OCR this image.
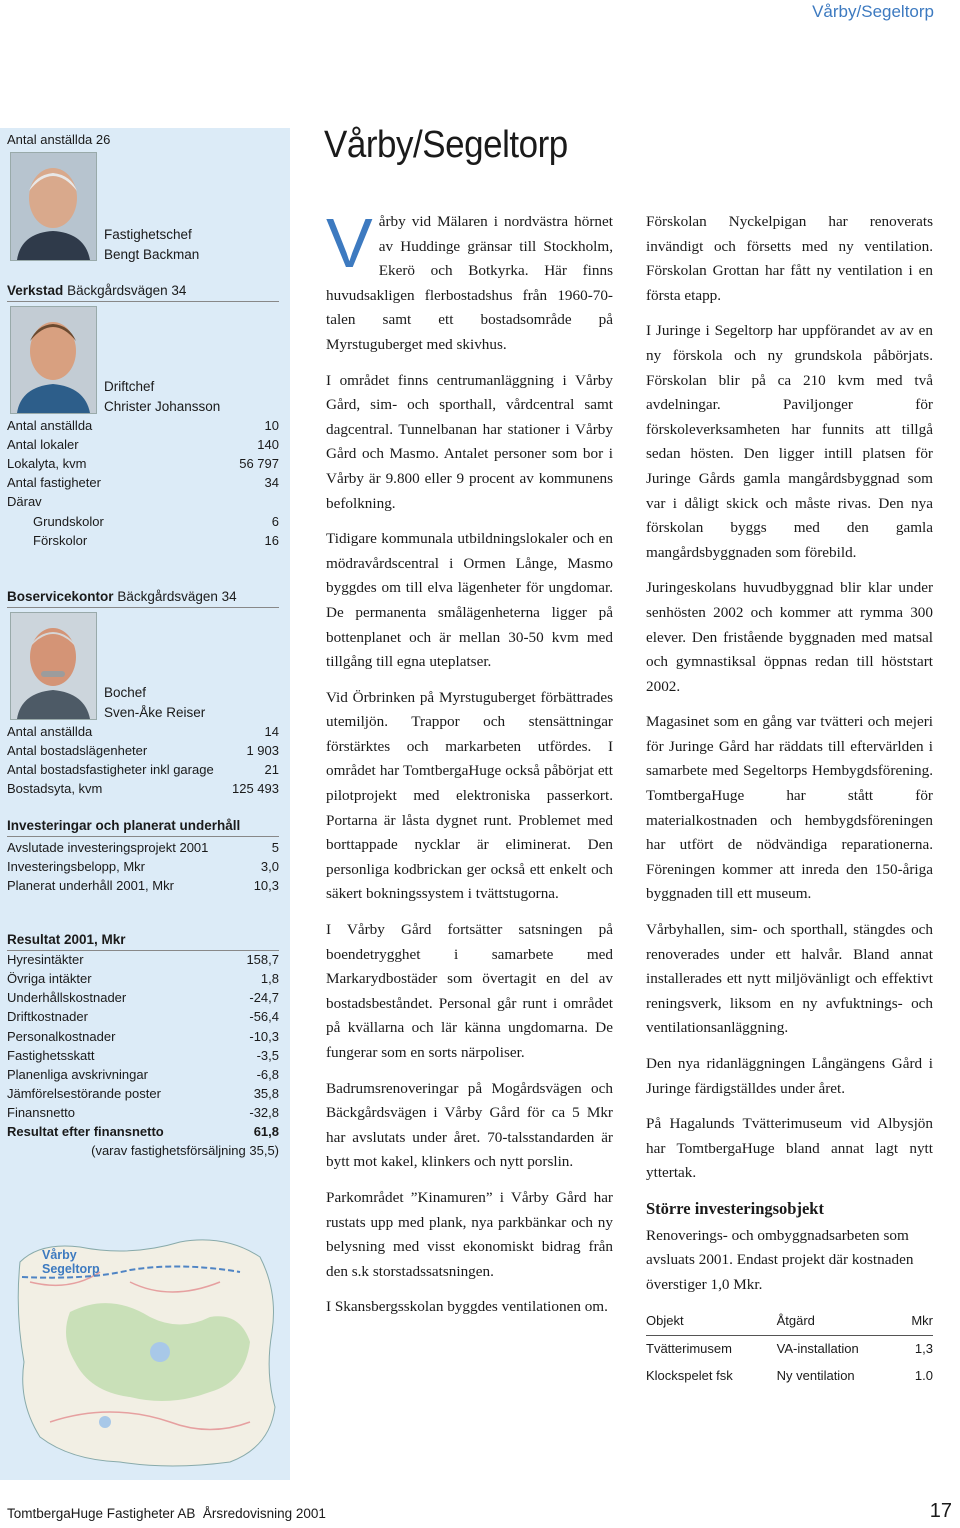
Vårby/Segeltorp
Antal anställda 26
Fastighetschef
Bengt Backman
Verkstad Bäckgårdsvägen 34
Driftchef
Christer Johansson
Antal anställda	10
Antal lokaler	140
Lokalyta, kvm	56 797
Antal fastigheter	34
Därav
Grundskolor	6
Förskolor	16
Boservicekontor Bäckgårdsvägen 34
Bochef
Sven-Åke Reiser
Antal anställda	14
Antal bostadslägenheter	1 903
Antal bostadsfastigheter inkl garage	21
Bostadsyta, kvm	125 493
Investeringar och planerat underhåll
Avslutade investeringsprojekt 2001	5
Investeringsbelopp, Mkr	3,0
Planerat underhåll 2001, Mkr	10,3
Resultat 2001, Mkr
Hyresintäkter	158,7
Övriga intäkter	1,8
Underhållskostnader	-24,7
Driftkostnader	-56,4
Personalkostnader	-10,3
Fastighetsskatt	-3,5
Planenliga avskrivningar	-6,8
Jämförelsestörande poster	35,8
Finansnetto	-32,8
Resultat efter finansnetto	61,8
(varav fastighetsförsäljning 35,5)
Vårby
Segeltorp
Vårby/Segeltorp

Vårby vid Mälaren i nordvästra hörnet av Huddinge gränsar till Stockholm, Ekerö och Botkyrka. Här finns huvudsakligen flerbostadshus från 1960-70-talen samt ett bostadsområde på Myrstuguberget med skivhus.

I området finns centrumanläggning i Vårby Gård, sim- och sporthall, vårdcentral samt dagcentral. Tunnelbanan har stationer i Vårby Gård och Masmo. Antalet personer som bor i Vårby är 9.800 eller 9 procent av kommunens befolkning.

Tidigare kommunala utbildningslokaler och en mödravårdscentral i Ormen Långe, Masmo byggdes om till elva lägenheter för ungdomar. De permanenta smålägenheterna ligger på bottenplanet och är mellan 30-50 kvm med tillgång till egna uteplatser.

Vid Örbrinken på Myrstuguberget förbättrades utemiljön. Trappor och stensättningar förstärktes och markarbeten utfördes. I området har TomtbergaHuge också påbörjat ett pilotprojekt med elektroniska passerkort. Portarna är låsta dygnet runt. Problemet med borttappade nycklar är eliminerat. Den personliga kodbrickan ger också ett enkelt och säkert bokningssystem i tvättstugorna.

I Vårby Gård fortsätter satsningen på boendetrygghet i samarbete med Markarydbostäder som övertagit en del av bostadsbeståndet. Personal går runt i området på kvällarna och lär känna ungdomarna. De fungerar som en sorts närpoliser.

Badrumsrenoveringar på Mogårdsvägen och Bäckgårdsvägen i Vårby Gård för ca 5 Mkr har avslutats under året. 70-talsstandarden är bytt mot kakel, klinkers och nytt porslin.

Parkområdet ”Kinamuren” i Vårby Gård har rustats upp med plank, nya parkbänkar och ny belysning med visst ekonomiskt bidrag från den s.k storstadssatsningen.

I Skansbergsskolan byggdes ventilationen om.

Förskolan Nyckelpigan har renoverats invändigt och försetts med ny ventilation. Förskolan Grottan har fått ny ventilation i en första etapp.

I Juringe i Segeltorp har uppförandet av av en ny förskola och ny grundskola påbörjats. Förskolan blir på ca 210 kvm med två avdelningar. Paviljonger för förskoleverksamheten har funnits att tillgå sedan hösten. Den ligger intill platsen för Juringe Gårds gamla mangårdsbyggnad som var i dåligt skick och måste rivas. Den nya förskolan byggs med den gamla mangårdsbyggnaden som förebild.

Juringeskolans huvudbyggnad blir klar under senhösten 2002 och kommer att rymma 300 elever. Den fristående byggnaden med matsal och gymnastiksal öppnas redan till höststart 2002.

Magasinet som en gång var tvätteri och mejeri för Juringe Gård har räddats till eftervärlden i samarbete med Segeltorps Hembygdsförening. TomtbergaHuge har stått för materialkostnaden och hembygdsföreningen har utfört de nödvändiga reparationerna. Föreningen kommer att inreda den 150-åriga byggnaden till ett museum.

Vårbyhallen, sim- och sporthall, stängdes och renoverades under ett halvår. Bland annat installerades ett nytt miljövänligt och effektivt reningsverk, liksom en ny avfuktnings- och ventilationsanläggning.

Den nya ridanläggningen Långängens Gård i Juringe färdigställdes under året.

På Hagalunds Tvätterimuseum vid Albysjön har TomtbergaHuge bland annat lagt nytt yttertak.

Större investeringsobjekt

Renoverings- och ombyggnadsarbeten som avsluats 2001. Endast projekt där kostnaden överstiger 1,0 Mkr.

Objekt	Åtgärd	Mkr
Tvätterimusem	VA-installation	1,3
Klockspelet fsk	Ny ventilation	1.0
TomtbergaHuge Fastigheter AB  Årsredovisning 2001	17
